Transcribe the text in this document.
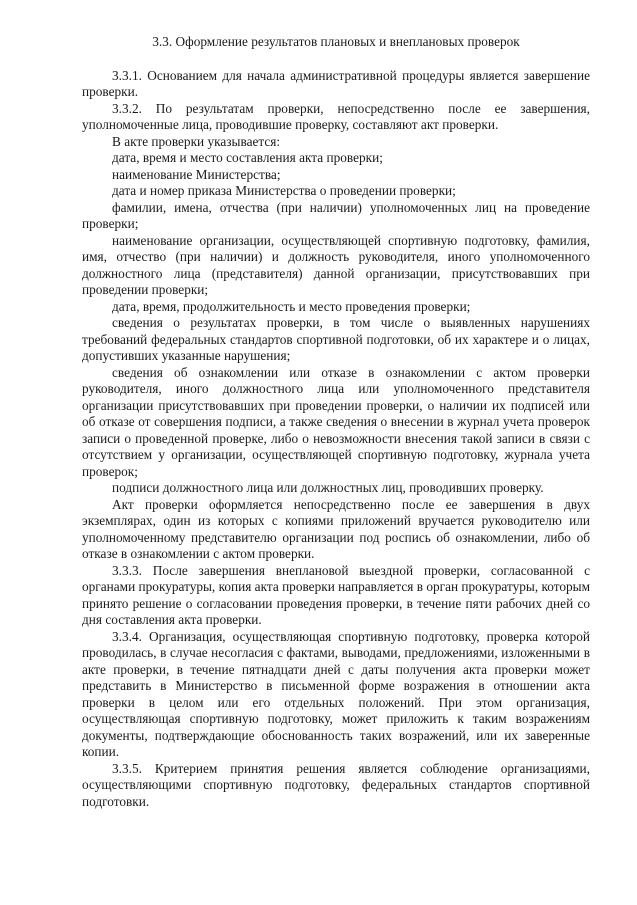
3.3. Оформление результатов плановых и внеплановых проверок

3.3.1. Основанием для начала административной процедуры является завершение проверки.

3.3.2. По результатам проверки, непосредственно после ее завершения, уполномоченные лица, проводившие проверку, составляют акт проверки.

В акте проверки указывается:

дата, время и место составления акта проверки;

наименование Министерства;

дата и номер приказа Министерства о проведении проверки;

фамилии, имена, отчества (при наличии) уполномоченных лиц на проведение проверки;

наименование организации, осуществляющей спортивную подготовку, фамилия, имя, отчество (при наличии) и должность руководителя, иного уполномоченного должностного лица (представителя) данной организации, присутствовавших при проведении проверки;

дата, время, продолжительность и место проведения проверки;

сведения о результатах проверки, в том числе о выявленных нарушениях требований федеральных стандартов спортивной подготовки, об их характере и о лицах, допустивших указанные нарушения;

сведения об ознакомлении или отказе в ознакомлении с актом проверки руководителя, иного должностного лица или уполномоченного представителя организации присутствовавших при проведении проверки, о наличии их подписей или об отказе от совершения подписи, а также сведения о внесении в журнал учета проверок записи о проведенной проверке, либо о невозможности внесения такой записи в связи с отсутствием у организации, осуществляющей спортивную подготовку, журнала учета проверок;

подписи должностного лица или должностных лиц, проводивших проверку.

Акт проверки оформляется непосредственно после ее завершения в двух экземплярах, один из которых с копиями приложений вручается руководителю или уполномоченному представителю организации под роспись об ознакомлении, либо об отказе в ознакомлении с актом проверки.

3.3.3. После завершения внеплановой выездной проверки, согласованной с органами прокуратуры, копия акта проверки направляется в орган прокуратуры, которым принято решение о согласовании проведения проверки, в течение пяти рабочих дней со дня составления акта проверки.

3.3.4. Организация, осуществляющая спортивную подготовку, проверка которой проводилась, в случае несогласия с фактами, выводами, предложениями, изложенными в акте проверки, в течение пятнадцати дней с даты получения акта проверки может представить в Министерство в письменной форме возражения в отношении акта проверки в целом или его отдельных положений. При этом организация, осуществляющая спортивную подготовку, может приложить к таким возражениям документы, подтверждающие обоснованность таких возражений, или их заверенные копии.

3.3.5. Критерием принятия решения является соблюдение организациями, осуществляющими спортивную подготовку, федеральных стандартов спортивной подготовки.
